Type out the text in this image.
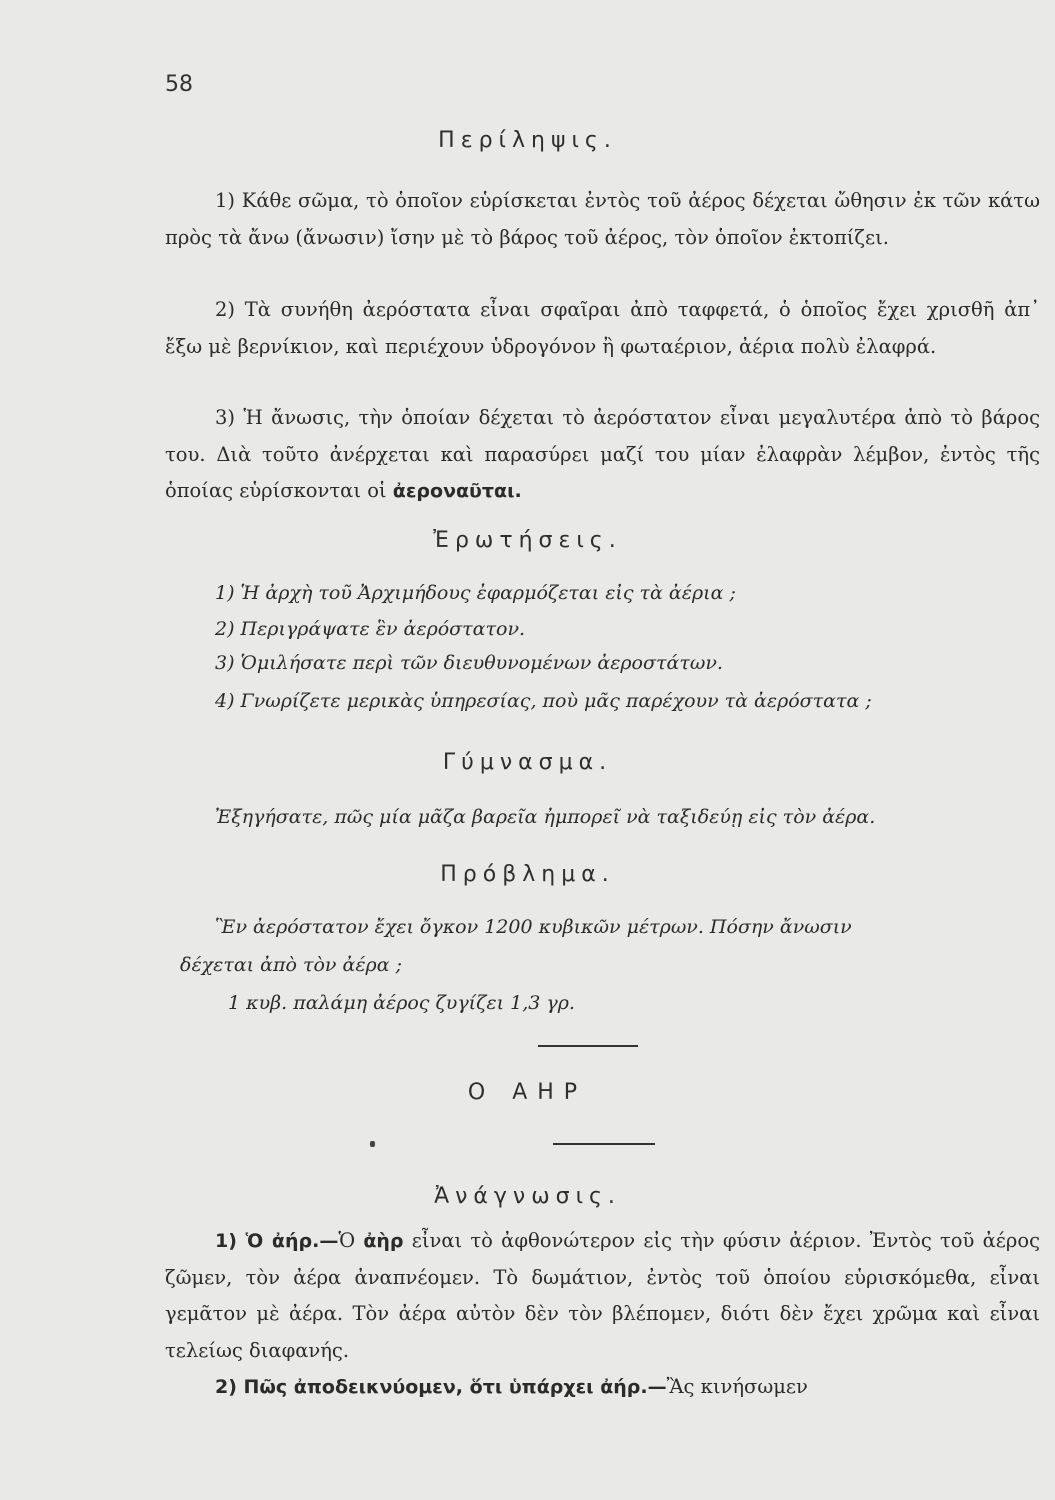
58
Περίληψις.
1) Κάθε σῶμα, τὸ ὁποῖον εὑρίσκεται ἐντὸς τοῦ ἀέρος δέχεται ὤθησιν ἐκ τῶν κάτω πρὸς τὰ ἄνω (ἄνωσιν) ἴσην μὲ τὸ βάρος τοῦ ἀέρος, τὸν ὁποῖον ἐκτοπίζει.
2) Τὰ συνήθη ἀερόστατα εἶναι σφαῖραι ἀπὸ ταφφετά, ὁ ὁποῖος ἔχει χρισθῆ ἀπ᾽ ἔξω μὲ βερνίκιον, καὶ περιέχουν ὑδρογόνον ἢ φωταέριον, ἀέρια πολὺ ἐλαφρά.
3) Ἡ ἄνωσις, τὴν ὁποίαν δέχεται τὸ ἀερόστατον εἶναι μεγαλυτέρα ἀπὸ τὸ βάρος του. Διὰ τοῦτο ἀνέρχεται καὶ παρασύρει μαζί του μίαν ἐλαφρὰν λέμβον, ἐντὸς τῆς ὁποίας εὑρίσκονται οἱ ἀεροναῦται.
Ἐρωτήσεις.
1) Ἡ ἀρχὴ τοῦ Ἀρχιμήδους ἐφαρμόζεται εἰς τὰ ἀέρια ;
2) Περιγράψατε ἓν ἀερόστατον.
3) Ὁμιλήσατε περὶ τῶν διευθυνομένων ἀεροστάτων.
4) Γνωρίζετε μερικὰς ὑπηρεσίας, ποὺ μᾶς παρέχουν τὰ ἀερόστατα ;
Γύμνασμα.
Ἐξηγήσατε, πῶς μία μᾶζα βαρεῖα ἠμπορεῖ νὰ ταξιδεύῃ εἰς τὸν ἀέρα.
Πρόβλημα.
Ἓν ἀερόστατον ἔχει ὄγκον 1200 κυβικῶν μέτρων. Πόσην ἄνωσιν
δέχεται ἀπὸ τὸν ἀέρα ;
1 κυβ. παλάμη ἀέρος ζυγίζει 1,3 γρ.
Ο ΑΗΡ
Ἀνάγνωσις.
1) Ὁ ἀήρ.—Ὁ ἀὴρ εἶναι τὸ ἀφθονώτερον εἰς τὴν φύσιν ἀέριον. Ἐντὸς τοῦ ἀέρος ζῶμεν, τὸν ἀέρα ἀναπνέομεν. Τὸ δωμάτιον, ἐντὸς τοῦ ὁποίου εὑρισκόμεθα, εἶναι γεμᾶτον μὲ ἀέρα. Τὸν ἀέρα αὐτὸν δὲν τὸν βλέπομεν, διότι δὲν ἔχει χρῶμα καὶ εἶναι τελείως διαφανής.
2) Πῶς ἀποδεικνύομεν, ὅτι ὑπάρχει ἀήρ.—Ἂς κινήσωμεν
